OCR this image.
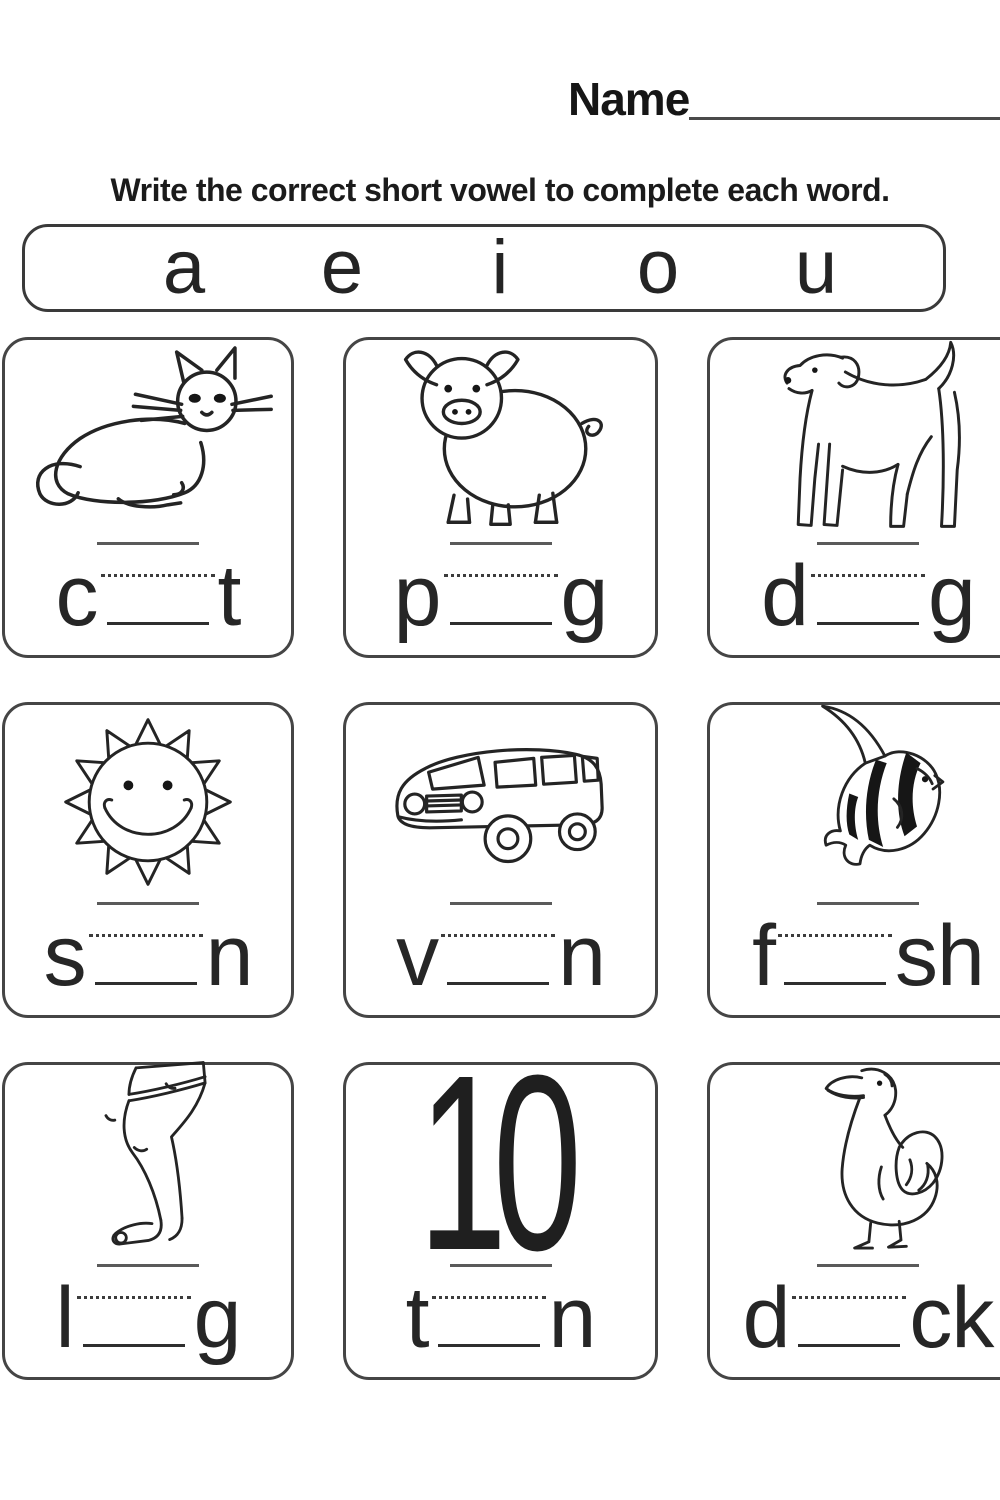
Name
Write the correct short vowel to complete each word.
a e i o u
c t p g d g
s n v n f sh
l g
10
t n d ck
